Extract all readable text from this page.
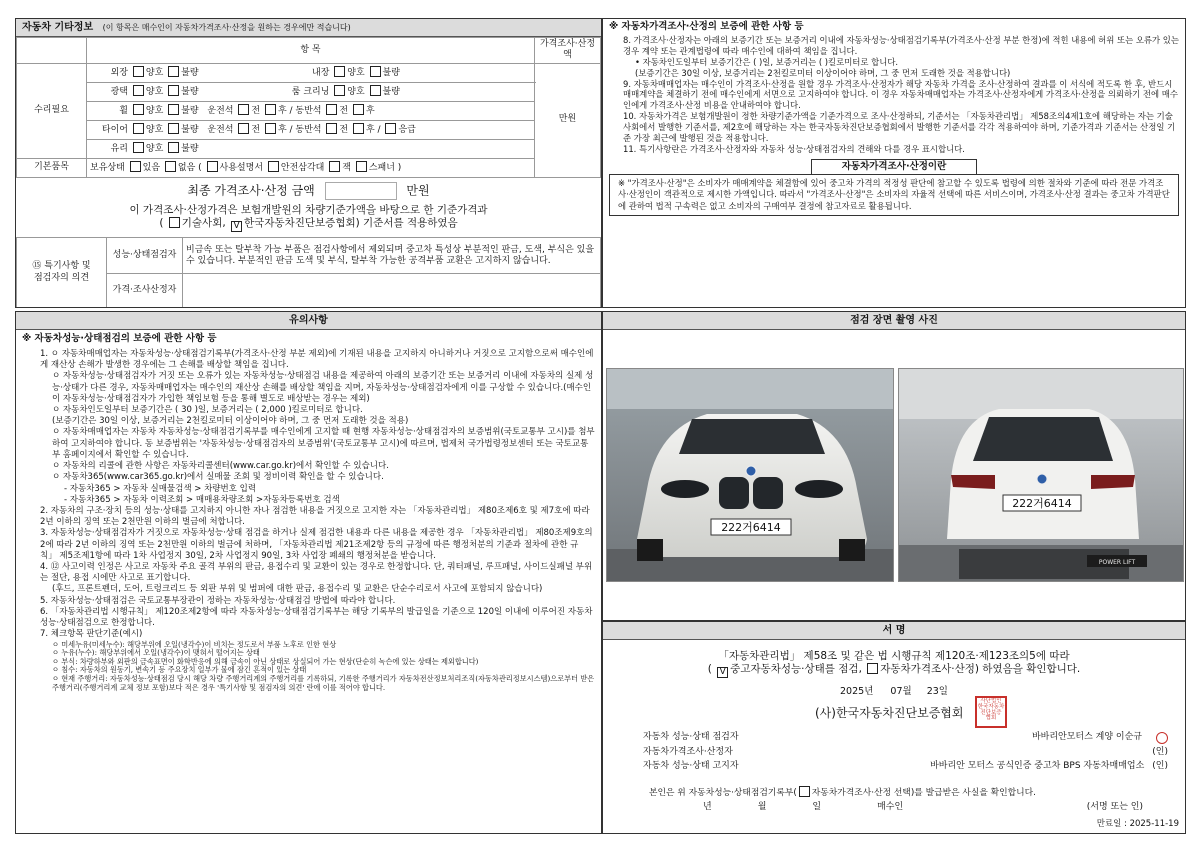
자동차 기타정보 (이 항목은 매수인이 자동차가격조사·산정을 원하는 경우에만 적습니다)
	항 목	가격조사·산정액
수리필요	외장 양호 불량 내장 양호 불량	만원
	광택 양호 불량 룸 크리닝 양호 불량	
	휠 양호 불량 운전석 전 후 / 동반석 전 후	
	타이어 양호 불량 운전석 전 후 / 동반석 전 후 / 응급	
	유리 양호 불량	
기본품목	보유상태 있음 없음 ( 사용설명서 안전삼각대 잭 스패너 )	
최종 가격조사·산정 금액	만원
이 가격조사·산정가격은 보험개발원의 차량기준가액을 바탕으로 한 기준가격과
( 기술사회, V 한국자동차진단보증협회) 기준서를 적용하였음
⑮ 특기사항 및
점검자의 의견	성능·상태점검자	비금속 또는 탈부착 가능 부품은 점검사항에서 제외되며 중고차 특성상 부분적인 판금, 도색, 부식은 있을 수 있습니다. 부분적인 판금 도색 및 부식, 탈부착 가능한 공격부품 교환은 고지하지 않습니다.
	가격·조사산정자	
※ 자동차가격조사·산정의 보증에 관한 사항 등

8. 가격조사·산정자는 아래의 보증기간 또는 보증거리 이내에 자동차성능·상태점검기록부(가격조사·산정 부분 한정)에 적힌 내용에 허위 또는 오류가 있는 경우 계약 또는 관계법령에 따라 매수인에 대하여 책임을 집니다.

• 자동차인도일부터 보증기간은 ( )일, 보증거리는 ( )킬로미터로 합니다.

(보증기간은 30일 이상, 보증거리는 2천킬로미터 이상이어야 하며, 그 중 먼저 도래한 것을 적용합니다)

9. 자동차매매업자는 매수인이 가격조사·산정을 원할 경우 가격조사·산정자가 해당 자동차 가격을 조사·산정하여 결과를 이 서식에 적도록 한 후, 반드시 매매계약을 체결하기 전에 매수인에게 서면으로 고지하여야 합니다. 이 경우 자동차매매업자는 가격조사·산정자에게 가격조사·산정을 의뢰하기 전에 매수인에게 가격조사·산정 비용을 안내하여야 합니다.

10. 자동차가격은 보험개발원이 정한 차량기준가액을 기준가격으로 조사·산정하되, 기준서는 「자동차관리법」 제58조의4제1호에 해당하는 자는 기술사회에서 발행한 기준서를, 제2호에 해당하는 자는 한국자동차진단보증협회에서 발행한 기준서를 각각 적용하여야 하며, 기준가격과 기준서는 산정일 기준 가장 최근에 발행된 것을 적용합니다.

11. 특기사항란은 가격조사·산정자와 자동차 성능·상태점검자의 견해와 다를 경우 표시합니다.

자동차가격조사·산정이란
※ "가격조사·산정"은 소비자가 매매계약을 체결함에 있어 중고차 가격의 적정성 판단에 참고할 수 있도록 법령에 의한 절차와 기준에 따라 전문 가격조사·산정인이 객관적으로 제시한 가액입니다. 따라서 "가격조사·산정"은 소비자의 자율적 선택에 따른 서비스이며, 가격조사·산정 결과는 중고차 가격판단에 관하여 법적 구속력은 없고 소비자의 구매여부 결정에 참고자료로 활용됩니다.
유의사항
※ 자동차성능·상태점검의 보증에 관한 사항 등

1. ㅇ 자동차매매업자는 자동차성능·상태점검기록부(가격조사·산정 부분 제외)에 기재된 내용을 고지하지 아니하거나 거짓으로 고지함으로써 매수인에게 재산상 손해가 발생한 경우에는 그 손해를 배상할 책임을 집니다.

ㅇ 자동차성능·상태점검자가 거짓 또는 오류가 있는 자동차성능·상태점검 내용을 제공하여 아래의 보증기간 또는 보증거리 이내에 자동차의 실제 성능·상태가 다른 경우, 자동차매매업자는 매수인의 재산상 손해를 배상할 책임을 지며, 자동차성능·상태점검자에게 이를 구상할 수 있습니다.(매수인이 자동차성능·상태점검자가 가입한 책임보험 등을 통해 별도로 배상받는 경우는 제외)

ㅇ 자동차인도일부터 보증기간은 ( 30 )일, 보증거리는 ( 2,000 )킬로미터로 합니다.

(보증기간은 30일 이상, 보증거리는 2천킬로미터 이상이어야 하며, 그 중 먼저 도래한 것을 적용)

ㅇ 자동차매매업자는 자동차 자동차성능·상태점검기록부를 매수인에게 고지할 때 현행 자동차성능·상태점검자의 보증범위(국토교통부 고시)를 첨부하여 고지하여야 합니다. 동 보증범위는 '자동차성능·상태점검자의 보증범위'(국토교통부 고시)에 따르며, 법제처 국가법령정보센터 또는 국토교통부 홈페이지에서 확인할 수 있습니다.

ㅇ 자동차의 리콜에 관한 사항은 자동차리콜센터(www.car.go.kr)에서 확인할 수 있습니다.

ㅇ 자동차365(www.car365.go.kr)에서 실매물 조회 및 정비이력 확인을 할 수 있습니다.

- 자동차365 > 자동차 실매물검색 > 차량번호 입력

- 자동차365 > 자동차 이력조회 > 매매용차량조회 >자동차등록번호 검색

2. 자동차의 구조·장치 등의 성능·상태를 고지하지 아니한 자나 점검한 내용을 거짓으로 고지한 자는 「자동차관리법」 제80조제6호 및 제7호에 따라 2년 이하의 징역 또는 2천만원 이하의 벌금에 처합니다.

3. 자동차성능·상태점검자가 거짓으로 자동차성능·상태 점검을 하거나 실제 점검한 내용과 다른 내용을 제공한 경우 「자동차관리법」 제80조제9호의2에 따라 2년 이하의 징역 또는 2천만원 이하의 벌금에 처하며, 「자동차관리법 제21조제2항 등의 규정에 따른 행정처분의 기준과 절차에 관한 규칙」 제5조제1항에 따라 1차 사업정지 30일, 2차 사업정지 90일, 3차 사업장 폐쇄의 행정처분을 받습니다.

4. ⑫ 사고이력 인정은 사고로 자동차 주요 골격 부위의 판금, 용접수리 및 교환이 있는 경우로 한정합니다. 단, 쿼터패널, 루프패널, 사이드실패널 부위는 절단, 용접 시에만 사고로 표기합니다.

(후드, 프론트펜더, 도어, 트렁크리드 등 외판 부위 및 범퍼에 대한 판금, 용접수리 및 교환은 단순수리로서 사고에 포함되지 않습니다)

5. 자동차성능·상태점검은 국토교통부장관이 정하는 자동차성능·상태점검 방법에 따라야 합니다.

6. 「자동차관리법 시행규칙」 제120조제2항에 따라 자동차성능·상태점검기록부는 해당 기록부의 발급일을 기준으로 120일 이내에 이루어진 자동차 성능·상태점검으로 한정합니다.

7. 체크항목 판단기준(예시)

ㅇ 미세누유(미세누수): 해당부위에 오일(냉각수)이 비치는 정도로서 부품 노후로 인한 현상

ㅇ 누유(누수): 해당부위에서 오일(냉각수)이 맺혀서 떨어지는 상태

ㅇ 부식: 차량하부와 외판의 금속표면이 화학반응에 의해 금속이 아닌 상태로 상실되어 가는 현상(단순히 녹슨에 있는 상태는 제외합니다)

ㅇ 침수: 자동차의 원동기, 변속기 등 주요장치 일부가 물에 잠긴 흔적이 있는 상태

ㅇ 현재 주행거리: 자동차성능·상태점검 당시 해당 차량 주행거리계의 주행거리를 기록하되, 기록한 주행거리가 자동차전산정보처리조직(자동차관리정보시스템)으로부터 받은 주행거리(주행거리계 교체 정보 포함)보다 적은 경우 '특기사항 및 점검자의 의견' 란에 이를 적어야 합니다.

점검 장면 촬영 사진
222거6414
222거6414
POWER LIFT
서 명
「자동차관리법」 제58조 및 같은 법 시행규칙 제120조·제123조의5에 따라
( V 중고자동차성능·상태를 점검, 자동차가격조사·산정) 하였음을 확인합니다.
2025년 07월 23일
(사)한국자동차진단보증협회
사단법인
한국자동차
진단보증
협회
자동차 성능·상태 점검자	바바리안모터스 계양 이순규
자동차가격조사·산정자	(인)
자동차 성능·상태 고지자	바바리안 모터스 공식인증 중고차 BPS 자동차매매업소 (인)
본인은 위 자동차성능·상태점검기록부( 자동차가격조사·산정 선택)를 발급받은 사실을 확인합니다.
년	월	일	매수인	(서명 또는 인)
만료일 : 2025-11-19
